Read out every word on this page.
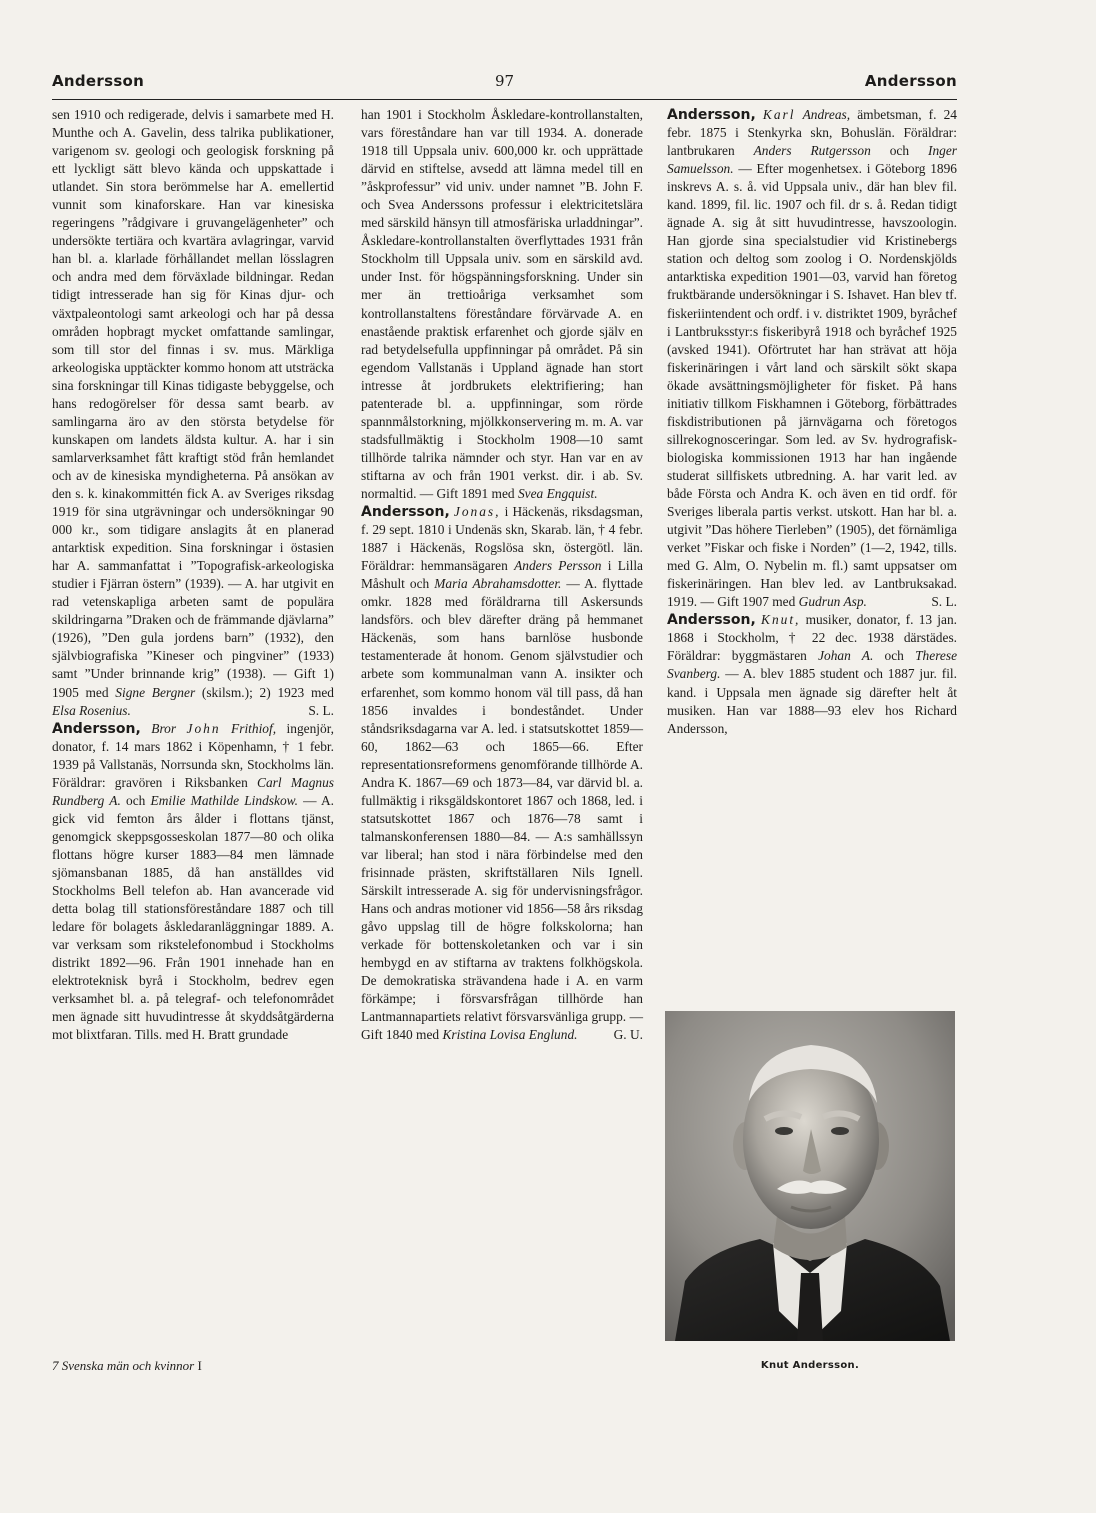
Andersson	97	Andersson

sen 1910 och redigerade, delvis i samarbete med H. Munthe och A. Gavelin, dess talrika publikationer, varigenom sv. geologi och geologisk forskning på ett lyckligt sätt blevo kända och uppskattade i utlandet. Sin stora berömmelse har A. emellertid vunnit som kinaforskare. Han var kinesiska regeringens ”rådgivare i gruvangelägenheter” och undersökte tertiära och kvartära avlagringar, varvid han bl. a. klarlade förhållandet mellan lösslagren och andra med dem förväxlade bildningar. Redan tidigt intresserade han sig för Kinas djur- och växtpaleontologi samt arkeologi och har på dessa områden hopbragt mycket omfattande samlingar, som till stor del finnas i sv. mus. Märkliga arkeologiska upptäckter kommo honom att utsträcka sina forskningar till Kinas tidigaste bebyggelse, och hans redogörelser för dessa samt bearb. av samlingarna äro av den största betydelse för kunskapen om landets äldsta kultur. A. har i sin samlarverksamhet fått kraftigt stöd från hemlandet och av de kinesiska myndigheterna. På ansökan av den s. k. kinakommittén fick A. av Sveriges riksdag 1919 för sina utgrävningar och undersökningar 90 000 kr., som tidigare anslagits åt en planerad antarktisk expedition. Sina forskningar i östasien har A. sammanfattat i ”Topografisk-arkeologiska studier i Fjärran östern” (1939). — A. har utgivit en rad vetenskapliga arbeten samt de populära skildringarna ”Draken och de främmande djävlarna” (1926), ”Den gula jordens barn” (1932), den självbiografiska ”Kineser och pingviner” (1933) samt ”Under brinnande krig” (1938). — Gift 1) 1905 med Signe Bergner (skilsm.); 2) 1923 med Elsa Rosenius.	S. L.

Andersson, Bror John Frithiof, ingenjör, donator, f. 14 mars 1862 i Köpenhamn, † 1 febr. 1939 på Vallstanäs, Norrsunda skn, Stockholms län. Föräldrar: gravören i Riksbanken Carl Magnus Rundberg A. och Emilie Mathilde Lindskow. — A. gick vid femton års ålder i flottans tjänst, genomgick skeppsgosseskolan 1877—80 och olika flottans högre kurser 1883—84 men lämnade sjömansbanan 1885, då han anställdes vid Stockholms Bell telefon ab. Han avancerade vid detta bolag till stationsföreståndare 1887 och till ledare för bolagets åskledaranläggningar 1889. A. var verksam som rikstelefonombud i Stockholms distrikt 1892—96. Från 1901 innehade han en elektroteknisk byrå i Stockholm, bedrev egen verksamhet bl. a. på telegraf- och telefonområdet men ägnade sitt huvudintresse åt skyddsåtgärderna mot blixtfaran. Tills. med H. Bratt grundade

han 1901 i Stockholm Åskledare-kontrollanstalten, vars föreståndare han var till 1934. A. donerade 1918 till Uppsala univ. 600,000 kr. och upprättade därvid en stiftelse, avsedd att lämna medel till en ”åskprofessur” vid univ. under namnet ”B. John F. och Svea Anderssons professur i elektricitetslära med särskild hänsyn till atmosfäriska urladdningar”. Åskledare-kontrollanstalten överflyttades 1931 från Stockholm till Uppsala univ. som en särskild avd. under Inst. för högspänningsforskning. Under sin mer än trettioåriga verksamhet som kontrollanstaltens föreståndare förvärvade A. en enastående praktisk erfarenhet och gjorde själv en rad betydelsefulla uppfinningar på området. På sin egendom Vallstanäs i Uppland ägnade han stort intresse åt jordbrukets elektrifiering; han patenterade bl. a. uppfinningar, som rörde spannmålstorkning, mjölkkonservering m. m. A. var stadsfullmäktig i Stockholm 1908—10 samt tillhörde talrika nämnder och styr. Han var en av stiftarna av och från 1901 verkst. dir. i ab. Sv. normaltid. — Gift 1891 med Svea Engquist.

Andersson, Jonas, i Häckenäs, riksdagsman, f. 29 sept. 1810 i Undenäs skn, Skarab. län, † 4 febr. 1887 i Häckenäs, Rogslösa skn, östergötl. län. Föräldrar: hemmansägaren Anders Persson i Lilla Måshult och Maria Abrahamsdotter. — A. flyttade omkr. 1828 med föräldrarna till Askersunds landsförs. och blev därefter dräng på hemmanet Häckenäs, som hans barnlöse husbonde testamenterade åt honom. Genom självstudier och arbete som kommunalman vann A. insikter och erfarenhet, som kommo honom väl till pass, då han 1856 invaldes i bondeståndet. Under ståndsriksdagarna var A. led. i statsutskottet 1859—60, 1862—63 och 1865—66. Efter representationsreformens genomförande tillhörde A. Andra K. 1867—69 och 1873—84, var därvid bl. a. fullmäktig i riksgäldskontoret 1867 och 1868, led. i statsutskottet 1867 och 1876—78 samt i talmanskonferensen 1880—84. — A:s samhällssyn var liberal; han stod i nära förbindelse med den frisinnade prästen, skriftställaren Nils Ignell. Särskilt intresserade A. sig för undervisningsfrågor. Hans och andras motioner vid 1856—58 års riksdag gåvo uppslag till de högre folkskolorna; han verkade för bottenskoletanken och var i sin hembygd en av stiftarna av traktens folkhögskola. De demokratiska strävandena hade i A. en varm förkämpe; i försvarsfrågan tillhörde han Lantmannapartiets relativt försvarsvänliga grupp. — Gift 1840 med Kristina Lovisa Englund.	G. U.

Andersson, Karl Andreas, ämbetsman, f. 24 febr. 1875 i Stenkyrka skn, Bohuslän. Föräldrar: lantbrukaren Anders Rutgersson och Inger Samuelsson. — Efter mogenhetsex. i Göteborg 1896 inskrevs A. s. å. vid Uppsala univ., där han blev fil. kand. 1899, fil. lic. 1907 och fil. dr s. å. Redan tidigt ägnade A. sig åt sitt huvudintresse, havszoologin. Han gjorde sina specialstudier vid Kristinebergs station och deltog som zoolog i O. Nordenskjölds antarktiska expedition 1901—03, varvid han företog fruktbärande undersökningar i S. Ishavet. Han blev tf. fiskeriintendent och ordf. i v. distriktet 1909, byråchef i Lantbruksstyr:s fiskeribyrå 1918 och byråchef 1925 (avsked 1941). Oförtrutet har han strävat att höja fiskerinäringen i vårt land och särskilt sökt skapa ökade avsättningsmöjligheter för fisket. På hans initiativ tillkom Fiskhamnen i Göteborg, förbättrades fiskdistributionen på järnvägarna och företogos sillrekognosceringar. Som led. av Sv. hydrografisk-biologiska kommissionen 1913 har han ingående studerat sillfiskets utbredning. A. har varit led. av både Första och Andra K. och även en tid ordf. för Sveriges liberala partis verkst. utskott. Han har bl. a. utgivit ”Das höhere Tierleben” (1905), det förnämliga verket ”Fiskar och fiske i Norden” (1—2, 1942, tills. med G. Alm, O. Nybelin m. fl.) samt uppsatser om fiskerinäringen. Han blev led. av Lantbruksakad. 1919. — Gift 1907 med Gudrun Asp.	S. L.

Andersson, Knut, musiker, donator, f. 13 jan. 1868 i Stockholm, † 22 dec. 1938 därstädes. Föräldrar: byggmästaren Johan A. och Therese Svanberg. — A. blev 1885 student och 1887 jur. fil. kand. i Uppsala men ägnade sig därefter helt åt musiken. Han var 1888—93 elev hos Richard Andersson,

Knut Andersson.
7 Svenska män och kvinnor I
